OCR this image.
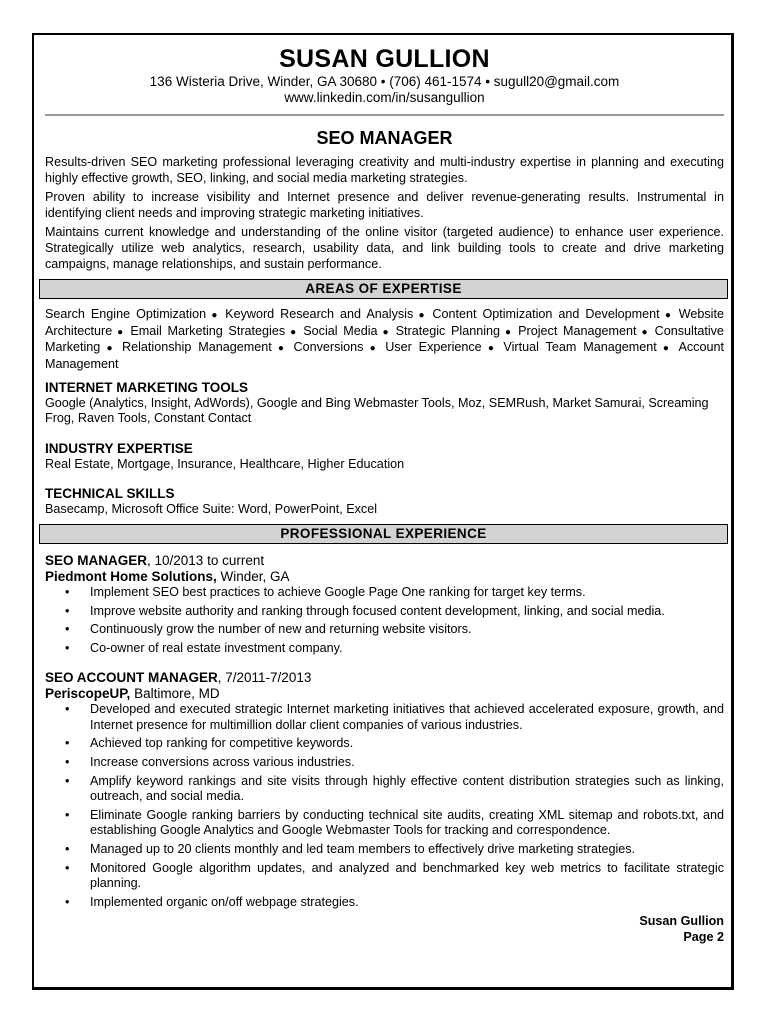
SUSAN GULLION
136 Wisteria Drive, Winder, GA 30680 • (706) 461-1574 • sugull20@gmail.com
www.linkedin.com/in/susangullion
SEO MANAGER
Results-driven SEO marketing professional leveraging creativity and multi-industry expertise in planning and executing highly effective growth, SEO, linking, and social media marketing strategies.
Proven ability to increase visibility and Internet presence and deliver revenue-generating results. Instrumental in identifying client needs and improving strategic marketing initiatives.
Maintains current knowledge and understanding of the online visitor (targeted audience) to enhance user experience. Strategically utilize web analytics, research, usability data, and link building tools to create and drive marketing campaigns, manage relationships, and sustain performance.
AREAS OF EXPERTISE
Search Engine Optimization ● Keyword Research and Analysis ● Content Optimization and Development ● Website Architecture ● Email Marketing Strategies ● Social Media ● Strategic Planning ● Project Management ● Consultative Marketing ● Relationship Management ● Conversions ● User Experience ● Virtual Team Management ● Account Management
INTERNET MARKETING TOOLS
Google (Analytics, Insight, AdWords), Google and Bing Webmaster Tools, Moz, SEMRush, Market Samurai, Screaming Frog, Raven Tools, Constant Contact
INDUSTRY EXPERTISE
Real Estate, Mortgage, Insurance, Healthcare, Higher Education
TECHNICAL SKILLS
Basecamp, Microsoft Office Suite: Word, PowerPoint, Excel
PROFESSIONAL EXPERIENCE
SEO MANAGER, 10/2013 to current
Piedmont Home Solutions, Winder, GA
• Implement SEO best practices to achieve Google Page One ranking for target key terms.
• Improve website authority and ranking through focused content development, linking, and social media.
• Continuously grow the number of new and returning website visitors.
• Co-owner of real estate investment company.
SEO ACCOUNT MANAGER, 7/2011-7/2013
PeriscopeUP, Baltimore, MD
• Developed and executed strategic Internet marketing initiatives that achieved accelerated exposure, growth, and Internet presence for multimillion dollar client companies of various industries.
• Achieved top ranking for competitive keywords.
• Increase conversions across various industries.
• Amplify keyword rankings and site visits through highly effective content distribution strategies such as linking, outreach, and social media.
• Eliminate Google ranking barriers by conducting technical site audits, creating XML sitemap and robots.txt, and establishing Google Analytics and Google Webmaster Tools for tracking and correspondence.
• Managed up to 20 clients monthly and led team members to effectively drive marketing strategies.
• Monitored Google algorithm updates, and analyzed and benchmarked key web metrics to facilitate strategic planning.
• Implemented organic on/off webpage strategies.
Susan Gullion
Page 2
